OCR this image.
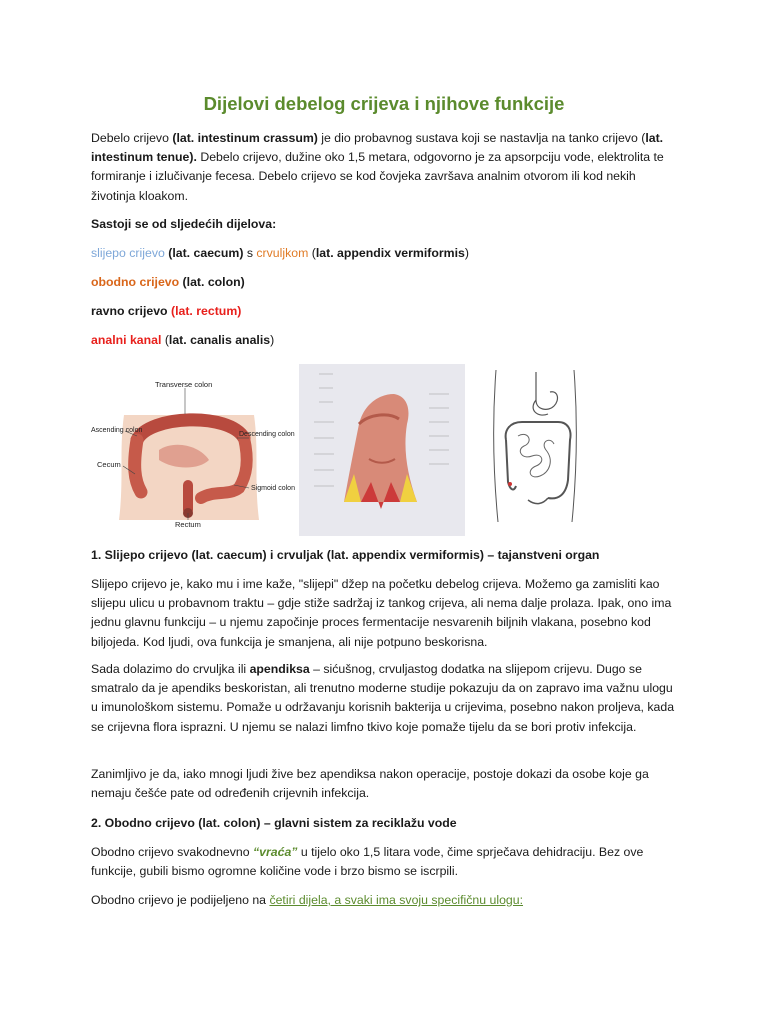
Dijelovi debelog crijeva i njihove funkcije

Debelo crijevo (lat. intestinum crassum) je dio probavnog sustava koji se nastavlja na tanko crijevo (lat. intestinum tenue). Debelo crijevo, dužine oko 1,5 metara, odgovorno je za apsorpciju vode, elektrolita te formiranje i izlučivanje fecesa. Debelo crijevo se kod čovjeka završava analnim otvorom ili kod nekih životinja kloakom.

Sastoji se od sljedećih dijelova:

slijepo crijevo (lat. caecum) s crvuljkom (lat. appendix vermiformis)

obodno crijevo (lat. colon)

ravno crijevo (lat. rectum)

analni kanal (lat. canalis analis)

Transverse colon
Ascending colon
Descending colon
Cecum
Sigmoid colon
Rectum

1. Slijepo crijevo (lat. caecum) i crvuljak (lat. appendix vermiformis) – tajanstveni organ

Slijepo crijevo je, kako mu i ime kaže, "slijepi" džep na početku debelog crijeva. Možemo ga zamisliti kao slijepu ulicu u probavnom traktu – gdje stiže sadržaj iz tankog crijeva, ali nema dalje prolaza. Ipak, ono ima jednu glavnu funkciju – u njemu započinje proces fermentacije nesvarenih biljnih vlakana, posebno kod biljojeda. Kod ljudi, ova funkcija je smanjena, ali nije potpuno beskorisna.

Sada dolazimo do crvuljka ili apendiksa – sićušnog, crvuljastog dodatka na slijepom crijevu. Dugo se smatralo da je apendiks beskoristan, ali trenutno moderne studije pokazuju da on zapravo ima važnu ulogu u imunološkom sistemu. Pomaže u održavanju korisnih bakterija u crijevima, posebno nakon proljeva, kada se crijevna flora isprazni. U njemu se nalazi limfno tkivo koje pomaže tijelu da se bori protiv infekcija.

Zanimljivo je da, iako mnogi ljudi žive bez apendiksa nakon operacije, postoje dokazi da osobe koje ga nemaju češće pate od određenih crijevnih infekcija.

2. Obodno crijevo (lat. colon) – glavni sistem za reciklažu vode

Obodno crijevo svakodnevno “vraća” u tijelo oko 1,5 litara vode, čime sprječava dehidraciju. Bez ove funkcije, gubili bismo ogromne količine vode i brzo bismo se iscrpili.

Obodno crijevo je podijeljeno na četiri dijela, a svaki ima svoju specifičnu ulogu:
